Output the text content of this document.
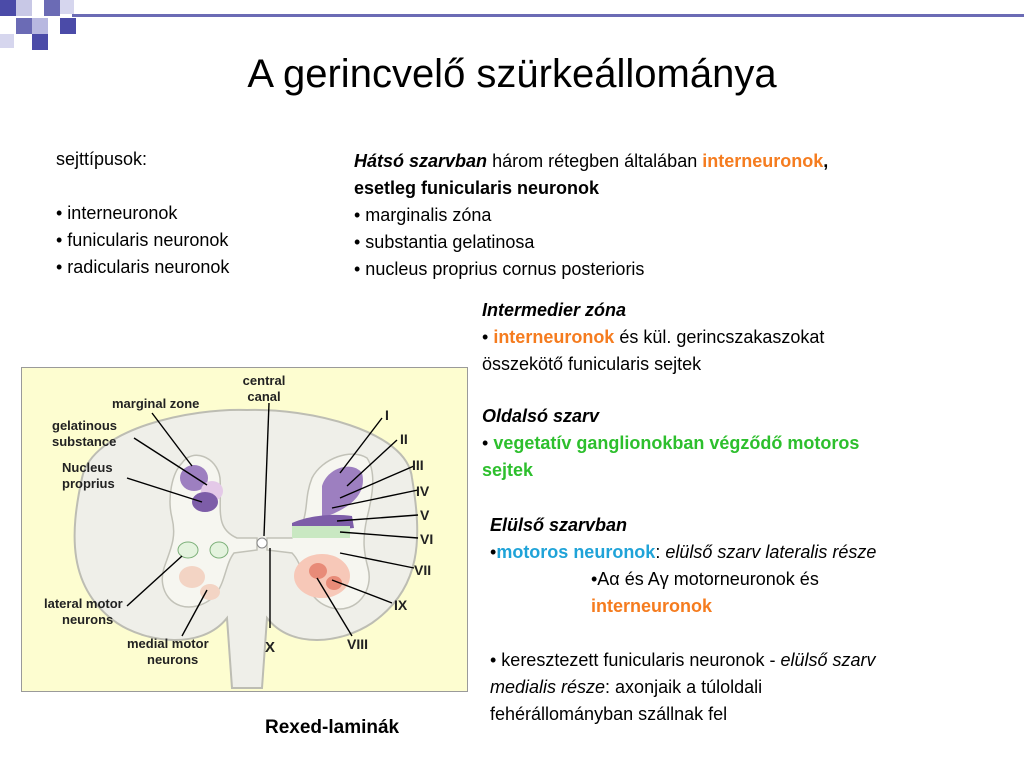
A gerincvelő szürkeállománya
sejttípusok:
• interneuronok
• funicularis neuronok
• radicularis neuronok
Hátsó szarvban három rétegben általában interneuronok,
esetleg funicularis neuronok
• marginalis zóna
• substantia gelatinosa
• nucleus proprius cornus posterioris
Intermedier zóna
• interneuronok és kül. gerincszakaszokat
összekötő funicularis sejtek
Oldalsó szarv
• vegetatív ganglionokban végződő motoros
sejtek
Elülső szarvban
•motoros neuronok: elülső szarv lateralis része
•Aα és Aγ motorneuronok és
interneuronok
• keresztezett funicularis neuronok - elülső szarv
medialis része: axonjaik a túloldali
fehérállományban szállnak fel
central
canal
marginal zone
gelatinous
substance
Nucleus
proprius
lateral motor
neurons
medial motor
neurons
X
I
II
III
IV
V
VI
VII
VIII
IX
Rexed-laminák
